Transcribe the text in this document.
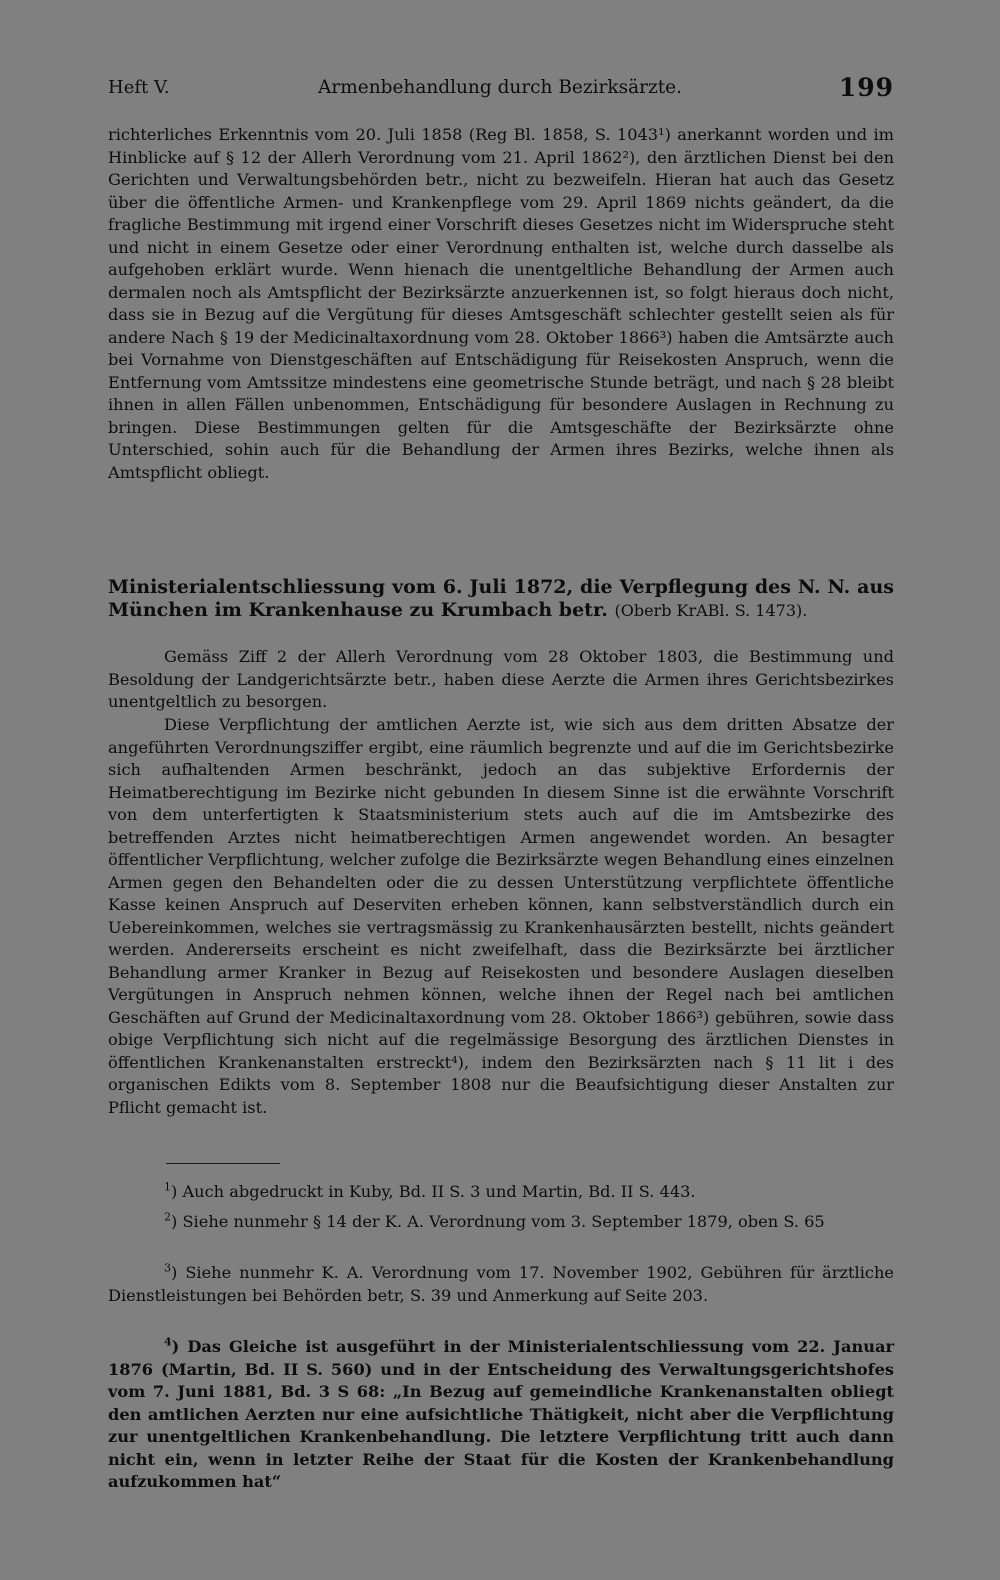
Heft V.	Armenbehandlung durch Bezirksärzte.	199

richterliches Erkenntnis vom 20. Juli 1858 (Reg Bl. 1858, S. 1043¹) anerkannt worden und im Hinblicke auf § 12 der Allerh Verordnung vom 21. April 1862²), den ärztlichen Dienst bei den Gerichten und Verwaltungsbehörden betr., nicht zu bezweifeln. Hieran hat auch das Gesetz über die öffentliche Armen- und Krankenpflege vom 29. April 1869 nichts geändert, da die fragliche Bestimmung mit irgend einer Vorschrift dieses Gesetzes nicht im Widerspruche steht und nicht in einem Gesetze oder einer Verordnung enthalten ist, welche durch dasselbe als aufgehoben erklärt wurde. Wenn hienach die unentgeltliche Behandlung der Armen auch dermalen noch als Amtspflicht der Bezirksärzte anzuerkennen ist, so folgt hieraus doch nicht, dass sie in Bezug auf die Vergütung für dieses Amtsgeschäft schlechter gestellt seien als für andere Nach § 19 der Medicinaltaxordnung vom 28. Oktober 1866³) haben die Amtsärzte auch bei Vornahme von Dienstgeschäften auf Entschädigung für Reisekosten Anspruch, wenn die Entfernung vom Amtssitze mindestens eine geometrische Stunde beträgt, und nach § 28 bleibt ihnen in allen Fällen unbenommen, Entschädigung für besondere Auslagen in Rechnung zu bringen. Diese Bestimmungen gelten für die Amtsgeschäfte der Bezirksärzte ohne Unterschied, sohin auch für die Behandlung der Armen ihres Bezirks, welche ihnen als Amtspflicht obliegt.

Ministerialentschliessung vom 6. Juli 1872, die Verpflegung des N. N. aus München im Krankenhause zu Krumbach betr. (Oberb KrABl. S. 1473).

Gemäss Ziff 2 der Allerh Verordnung vom 28 Oktober 1803, die Bestimmung und Besoldung der Landgerichtsärzte betr., haben diese Aerzte die Armen ihres Gerichtsbezirkes unentgeltlich zu besorgen.

Diese Verpflichtung der amtlichen Aerzte ist, wie sich aus dem dritten Absatze der angeführten Verordnungsziffer ergibt, eine räumlich begrenzte und auf die im Gerichtsbezirke sich aufhaltenden Armen beschränkt, jedoch an das subjektive Erfordernis der Heimatberechtigung im Bezirke nicht gebunden In diesem Sinne ist die erwähnte Vorschrift von dem unterfertigten k Staatsministerium stets auch auf die im Amtsbezirke des betreffenden Arztes nicht heimatberechtigen Armen angewendet worden. An besagter öffentlicher Verpflichtung, welcher zufolge die Bezirksärzte wegen Behandlung eines einzelnen Armen gegen den Behandelten oder die zu dessen Unterstützung verpflichtete öffentliche Kasse keinen Anspruch auf Deserviten erheben können, kann selbstverständlich durch ein Uebereinkommen, welches sie vertragsmässig zu Krankenhausärzten bestellt, nichts geändert werden. Andererseits erscheint es nicht zweifelhaft, dass die Bezirksärzte bei ärztlicher Behandlung armer Kranker in Bezug auf Reisekosten und besondere Auslagen dieselben Vergütungen in Anspruch nehmen können, welche ihnen der Regel nach bei amtlichen Geschäften auf Grund der Medicinaltaxordnung vom 28. Oktober 1866³) gebühren, sowie dass obige Verpflichtung sich nicht auf die regelmässige Besorgung des ärztlichen Dienstes in öffentlichen Krankenanstalten erstreckt⁴), indem den Bezirksärzten nach § 11 lit i des organischen Edikts vom 8. September 1808 nur die Beaufsichtigung dieser Anstalten zur Pflicht gemacht ist.

$^1$) Auch abgedruckt in Kuby, Bd. II S. 3 und Martin, Bd. II S. 443.

$^2$) Siehe nunmehr § 14 der K. A. Verordnung vom 3. September 1879, oben S. 65

$^3$) Siehe nunmehr K. A. Verordnung vom 17. November 1902, Gebühren für ärztliche Dienstleistungen bei Behörden betr, S. 39 und Anmerkung auf Seite 203.

$^4$) Das Gleiche ist ausgeführt in der Ministerialentschliessung vom 22. Januar 1876 (Martin, Bd. II S. 560) und in der Entscheidung des Verwaltungsgerichtshofes vom 7. Juni 1881, Bd. 3 S 68: „In Bezug auf gemeindliche Krankenanstalten obliegt den amtlichen Aerzten nur eine aufsichtliche Thätigkeit, nicht aber die Verpflichtung zur unentgeltlichen Krankenbehandlung. Die letztere Verpflichtung tritt auch dann nicht ein, wenn in letzter Reihe der Staat für die Kosten der Krankenbehandlung aufzukommen hat“
